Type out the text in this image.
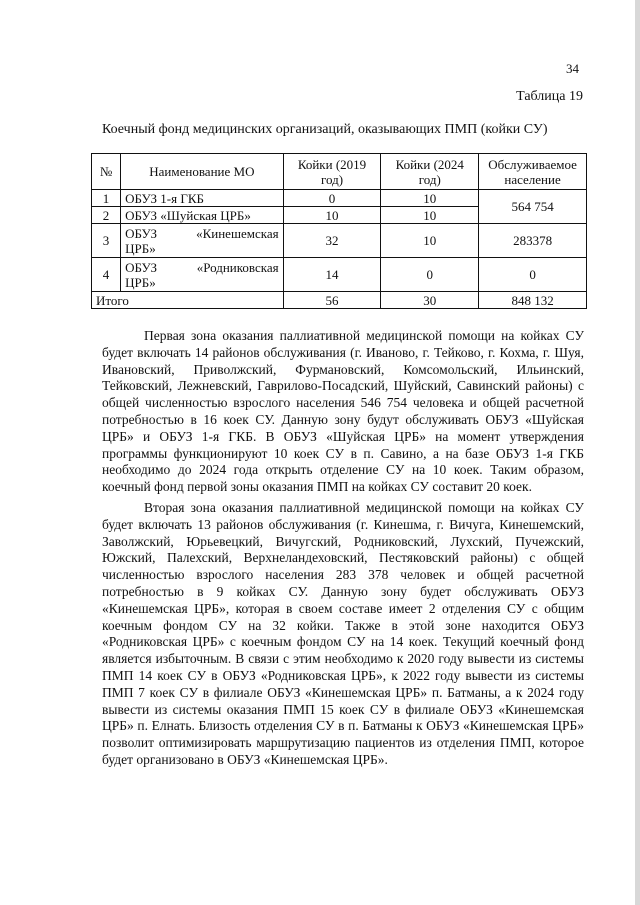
34
Таблица 19
Коечный фонд медицинских организаций, оказывающих ПМП (койки СУ)
№	Наименование МО	Койки (2019 год)	Койки (2024 год)	Обслуживаемое население
1	ОБУЗ 1-я ГКБ	0	10	564 754
2	ОБУЗ «Шуйская ЦРБ»	10	10	
3	ОБУЗ «Кинешемская
ЦРБ»	32	10	283378
4	ОБУЗ «Родниковская
ЦРБ»	14	0	0
Итого		56	30	848 132

Первая зона оказания паллиативной медицинской помощи на койках СУ будет включать 14 районов обслуживания (г. Иваново, г. Тейково, г. Кохма, г. Шуя, Ивановский, Приволжский, Фурмановский, Комсомольский, Ильинский, Тейковский, Лежневский, Гаврилово-Посадский, Шуйский, Савинский районы) с общей численностью взрослого населения 546 754 человека и общей расчетной потребностью в 16 коек СУ. Данную зону будут обслуживать ОБУЗ «Шуйская ЦРБ» и ОБУЗ 1-я ГКБ. В ОБУЗ «Шуйская ЦРБ» на момент утверждения программы функционируют 10 коек СУ в п. Савино, а на базе ОБУЗ 1-я ГКБ необходимо до 2024 года открыть отделение СУ на 10 коек. Таким образом, коечный фонд первой зоны оказания ПМП на койках СУ составит 20 коек.

Вторая зона оказания паллиативной медицинской помощи на койках СУ будет включать 13 районов обслуживания (г. Кинешма, г. Вичуга, Кинешемский, Заволжский, Юрьевецкий, Вичугский, Родниковский, Лухский, Пучежский, Южский, Палехский, Верхнеландеховский, Пестяковский районы) с общей численностью взрослого населения 283 378 человек и общей расчетной потребностью в 9 койках СУ. Данную зону будет обслуживать ОБУЗ «Кинешемская ЦРБ», которая в своем составе имеет 2 отделения СУ с общим коечным фондом СУ на 32 койки. Также в этой зоне находится ОБУЗ «Родниковская ЦРБ» с коечным фондом СУ на 14 коек. Текущий коечный фонд является избыточным. В связи с этим необходимо к 2020 году вывести из системы ПМП 14 коек СУ в ОБУЗ «Родниковская ЦРБ», к 2022 году вывести из системы ПМП 7 коек СУ в филиале ОБУЗ «Кинешемская ЦРБ» п. Батманы, а к 2024 году вывести из системы оказания ПМП 15 коек СУ в филиале ОБУЗ «Кинешемская ЦРБ» п. Елнать. Близость отделения СУ в п. Батманы к ОБУЗ «Кинешемская ЦРБ» позволит оптимизировать маршрутизацию пациентов из отделения ПМП, которое будет организовано в ОБУЗ «Кинешемская ЦРБ».
